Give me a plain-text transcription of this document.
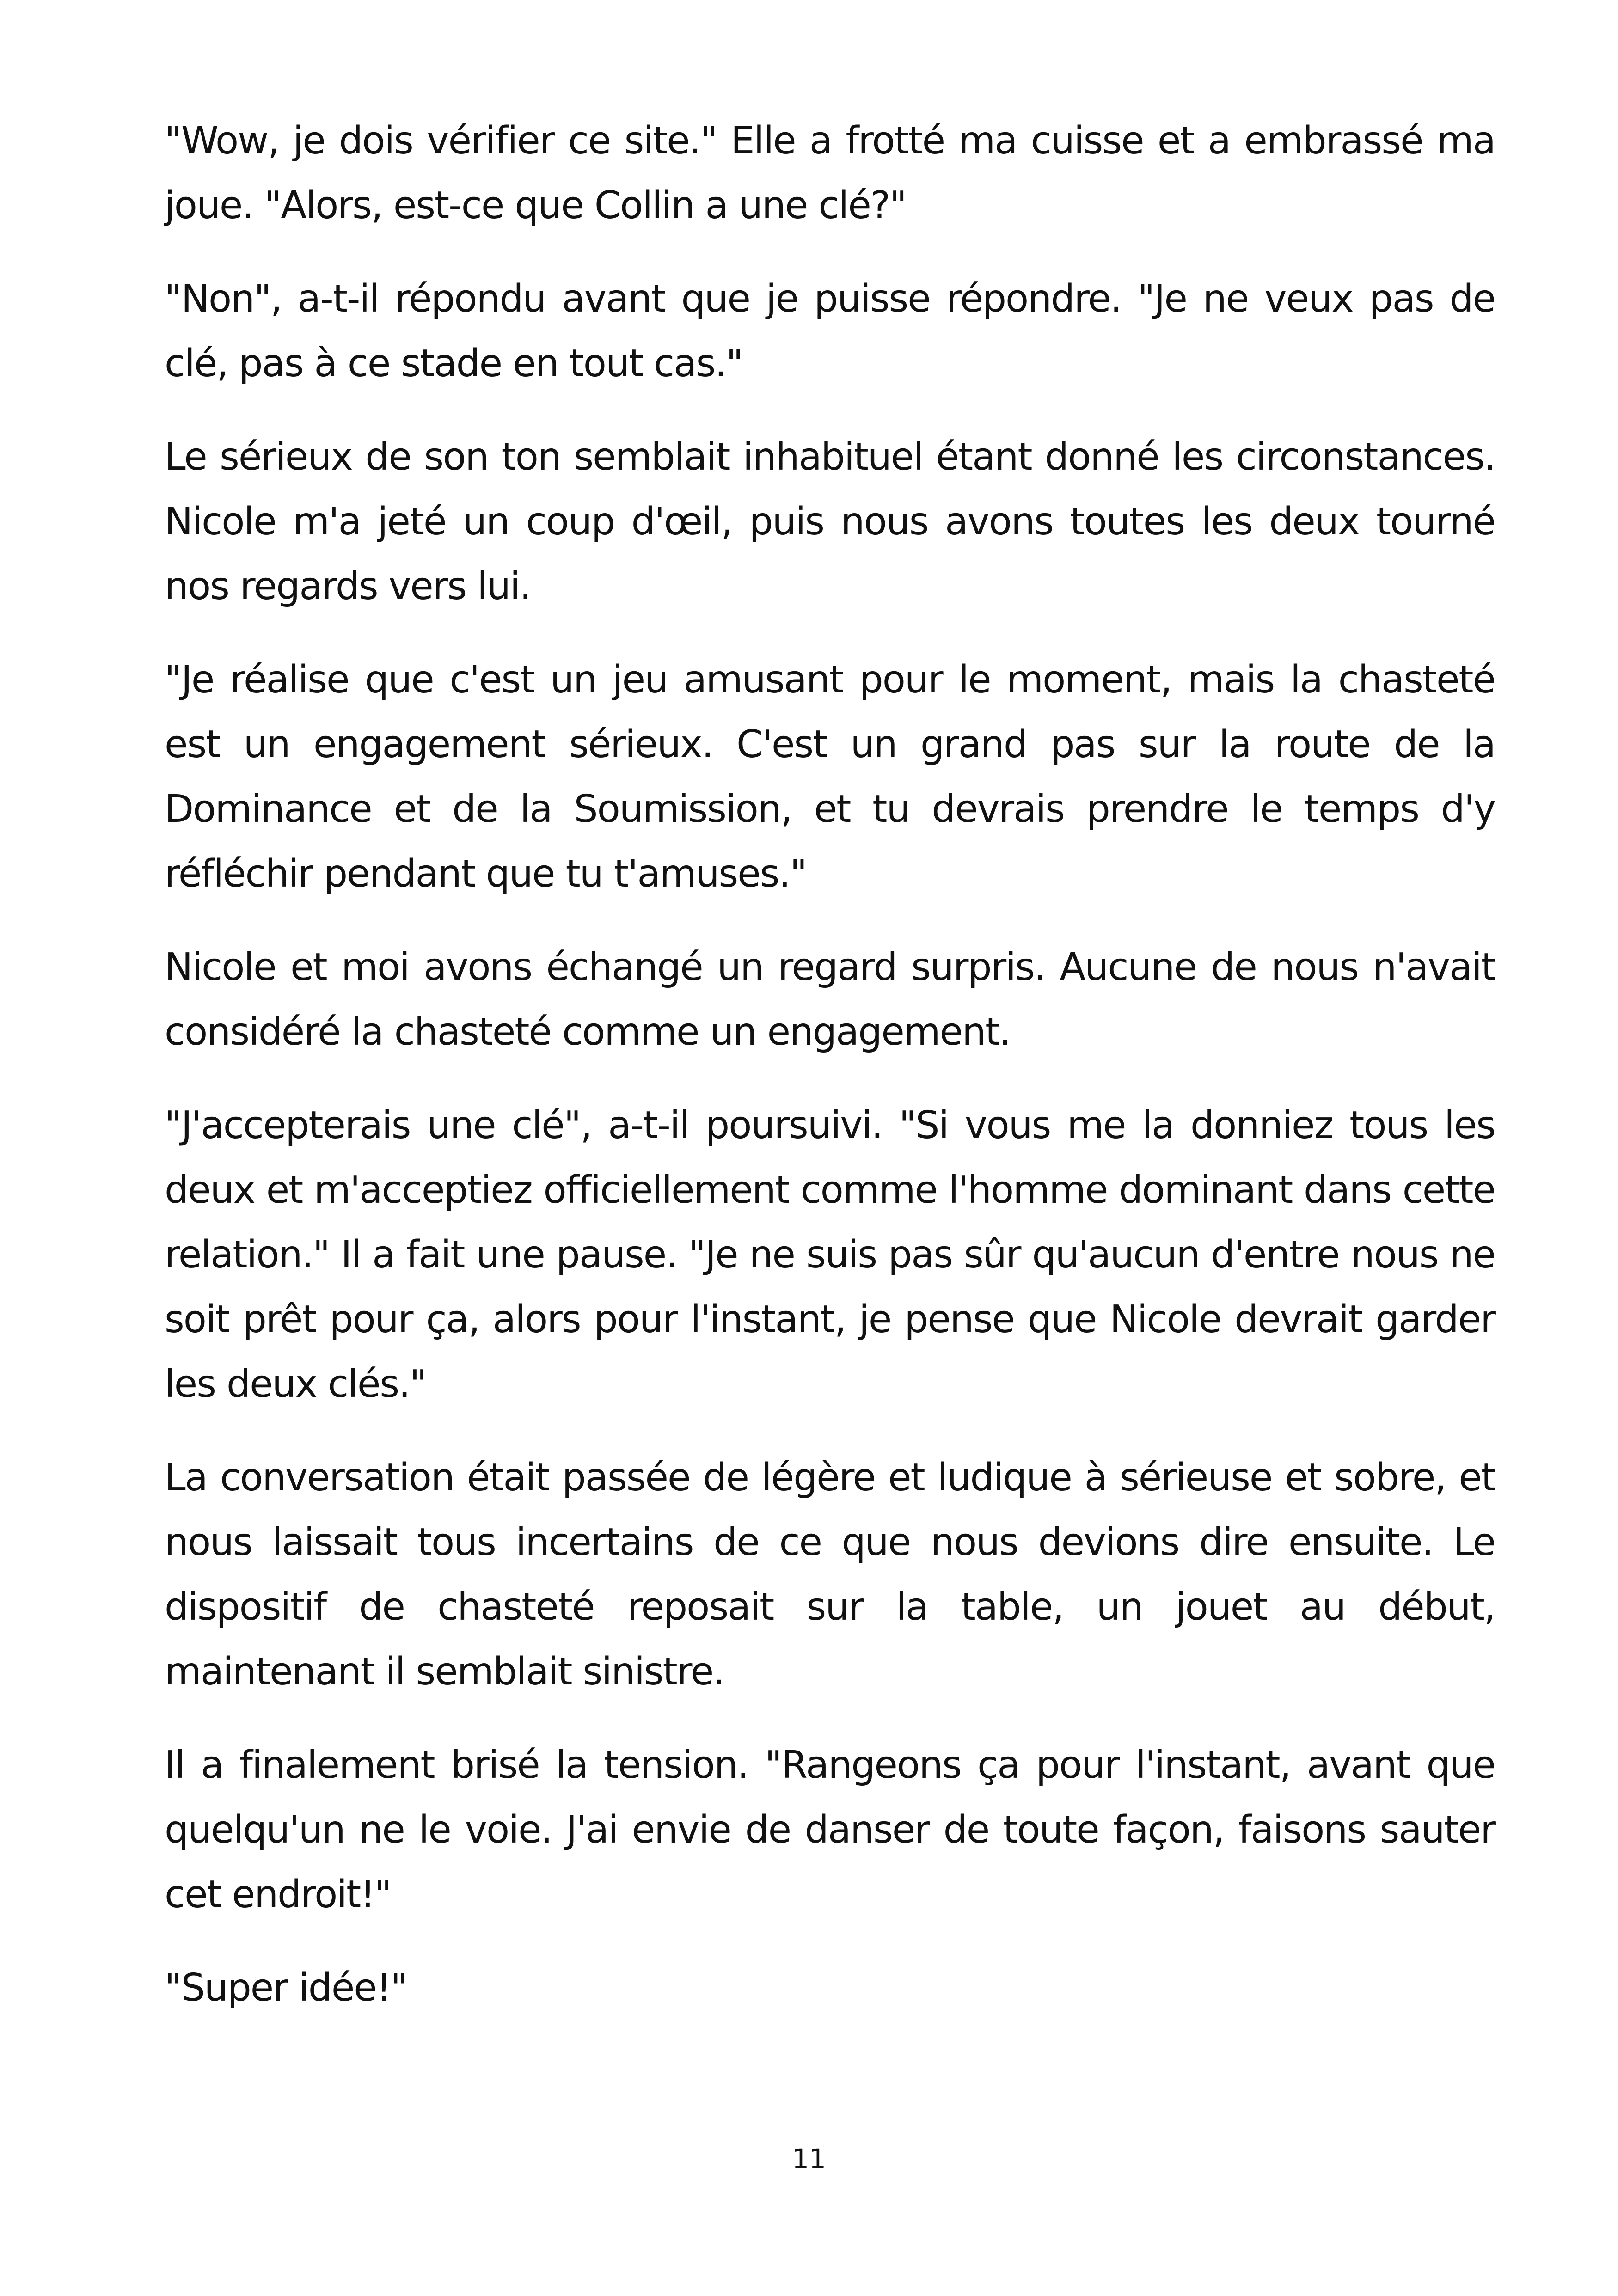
"Wow, je dois vérifier ce site." Elle a frotté ma cuisse et a embrassé ma joue. "Alors, est-ce que Collin a une clé?"

"Non", a-t-il répondu avant que je puisse répondre. "Je ne veux pas de clé, pas à ce stade en tout cas."

Le sérieux de son ton semblait inhabituel étant donné les circonstances. Nicole m'a jeté un coup d'œil, puis nous avons toutes les deux tourné nos regards vers lui.

"Je réalise que c'est un jeu amusant pour le moment, mais la chasteté est un engagement sérieux. C'est un grand pas sur la route de la Dominance et de la Soumission, et tu devrais prendre le temps d'y réfléchir pendant que tu t'amuses."

Nicole et moi avons échangé un regard surpris. Aucune de nous n'avait considéré la chasteté comme un engagement.

"J'accepterais une clé", a-t-il poursuivi. "Si vous me la donniez tous les deux et m'acceptiez officiellement comme l'homme dominant dans cette relation." Il a fait une pause. "Je ne suis pas sûr qu'aucun d'entre nous ne soit prêt pour ça, alors pour l'instant, je pense que Nicole devrait garder les deux clés."

La conversation était passée de légère et ludique à sérieuse et sobre, et nous laissait tous incertains de ce que nous devions dire ensuite. Le dispositif de chasteté reposait sur la table, un jouet au début, maintenant il semblait sinistre.

Il a finalement brisé la tension. "Rangeons ça pour l'instant, avant que quelqu'un ne le voie. J'ai envie de danser de toute façon, faisons sauter cet endroit!"

"Super idée!"

11
